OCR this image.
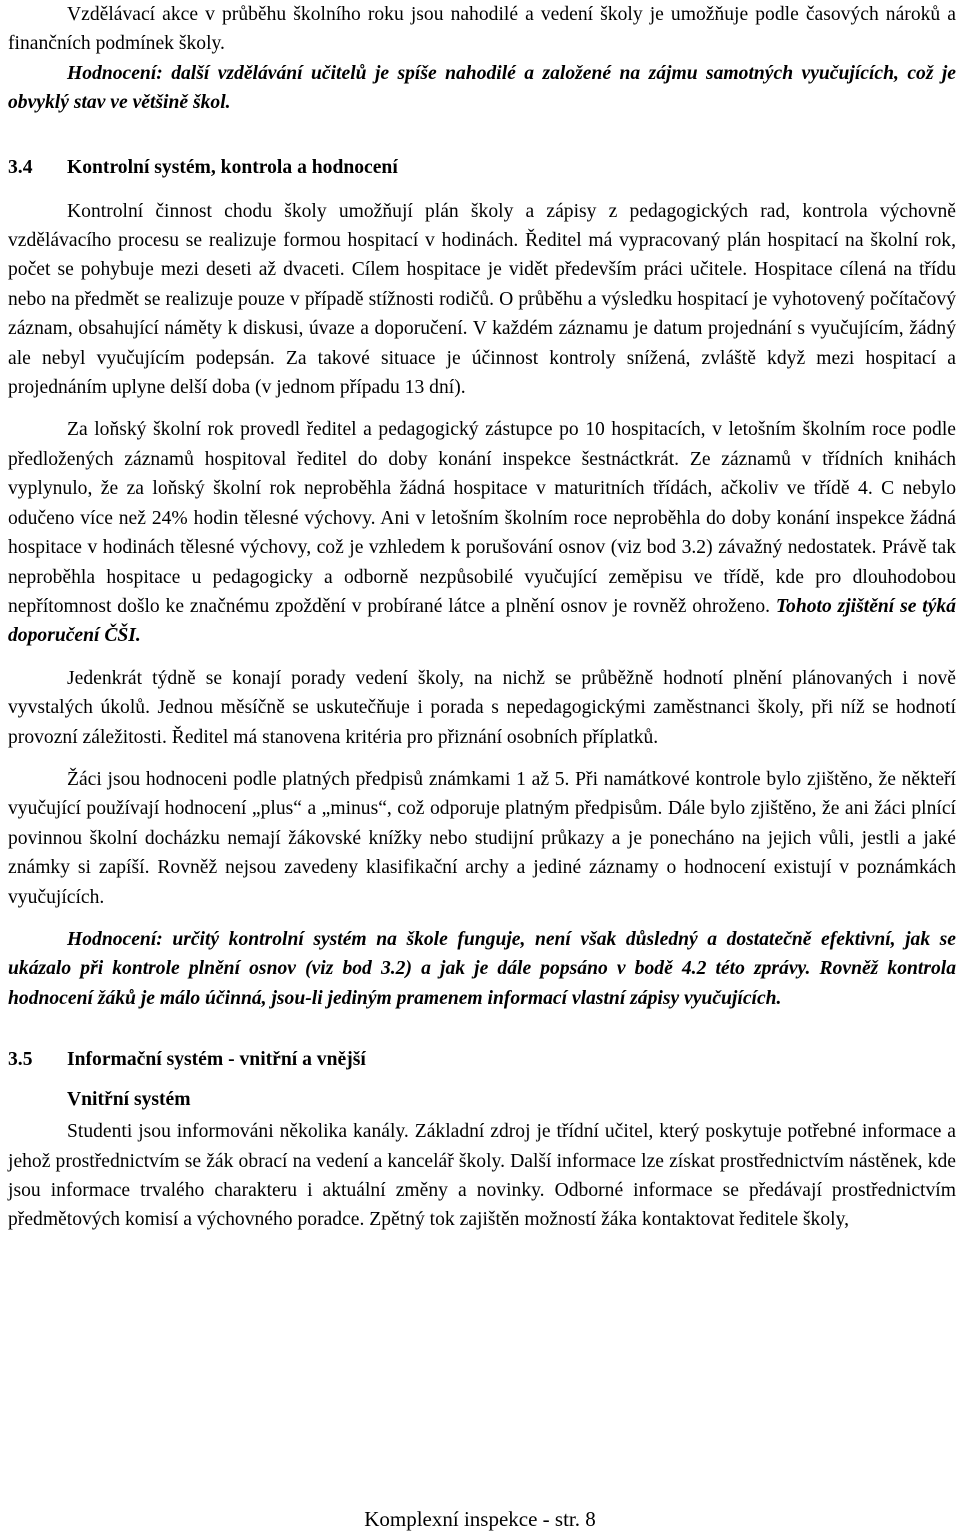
Vzdělávací akce v průběhu školního roku jsou nahodilé a vedení školy je umožňuje podle časových nároků a finančních podmínek školy.

Hodnocení: další vzdělávání učitelů je spíše nahodilé a založené na zájmu samotných vyučujících, což je obvyklý stav ve většině škol.

3.4 Kontrolní systém, kontrola a hodnocení

Kontrolní činnost chodu školy umožňují plán školy a zápisy z pedagogických rad, kontrola výchovně vzdělávacího procesu se realizuje formou hospitací v hodinách. Ředitel má vypracovaný plán hospitací na školní rok, počet se pohybuje mezi deseti až dvaceti. Cílem hospitace je vidět především práci učitele. Hospitace cílená na třídu nebo na předmět se realizuje pouze v případě stížnosti rodičů. O průběhu a výsledku hospitací je vyhotovený počítačový záznam, obsahující náměty k diskusi, úvaze a doporučení. V každém záznamu je datum projednání s vyučujícím, žádný ale nebyl vyučujícím podepsán. Za takové situace je účinnost kontroly snížená, zvláště když mezi hospitací a projednáním uplyne delší doba (v jednom případu 13 dní).

Za loňský školní rok provedl ředitel a pedagogický zástupce po 10 hospitacích, v letošním školním roce podle předložených záznamů hospitoval ředitel do doby konání inspekce šestnáctkrát. Ze záznamů v třídních knihách vyplynulo, že za loňský školní rok neproběhla žádná hospitace v maturitních třídách, ačkoliv ve třídě 4. C nebylo odučeno více než 24% hodin tělesné výchovy. Ani v letošním školním roce neproběhla do doby konání inspekce žádná hospitace v hodinách tělesné výchovy, což je vzhledem k porušování osnov (viz bod 3.2) závažný nedostatek. Právě tak neproběhla hospitace u pedagogicky a odborně nezpůsobilé vyučující zeměpisu ve třídě, kde pro dlouhodobou nepřítomnost došlo ke značnému zpoždění v probírané látce a plnění osnov je rovněž ohroženo. Tohoto zjištění se týká doporučení ČŠI.

Jedenkrát týdně se konají porady vedení školy, na nichž se průběžně hodnotí plnění plánovaných i nově vyvstalých úkolů. Jednou měsíčně se uskutečňuje i porada s nepedagogickými zaměstnanci školy, při níž se hodnotí provozní záležitosti. Ředitel má stanovena kritéria pro přiznání osobních příplatků.

Žáci jsou hodnoceni podle platných předpisů známkami 1 až 5. Při namátkové kontrole bylo zjištěno, že někteří vyučující používají hodnocení „plus“ a „minus“, což odporuje platným předpisům. Dále bylo zjištěno, že ani žáci plnící povinnou školní docházku nemají žákovské knížky nebo studijní průkazy a je ponecháno na jejich vůli, jestli a jaké známky si zapíší. Rovněž nejsou zavedeny klasifikační archy a jediné záznamy o hodnocení existují v poznámkách vyučujících.

Hodnocení: určitý kontrolní systém na škole funguje, není však důsledný a dostatečně efektivní, jak se ukázalo při kontrole plnění osnov (viz bod 3.2) a jak je dále popsáno v bodě 4.2 této zprávy. Rovněž kontrola hodnocení žáků je málo účinná, jsou-li jediným pramenem informací vlastní zápisy vyučujících.

3.5 Informační systém - vnitřní a vnější
Vnitřní systém

Studenti jsou informováni několika kanály. Základní zdroj je třídní učitel, který poskytuje potřebné informace a jehož prostřednictvím se žák obrací na vedení a kancelář školy. Další informace lze získat prostřednictvím nástěnek, kde jsou informace trvalého charakteru i aktuální změny a novinky. Odborné informace se předávají prostřednictvím předmětových komisí a výchovného poradce. Zpětný tok zajištěn možností žáka kontaktovat ředitele školy,

Komplexní inspekce - str. 8
